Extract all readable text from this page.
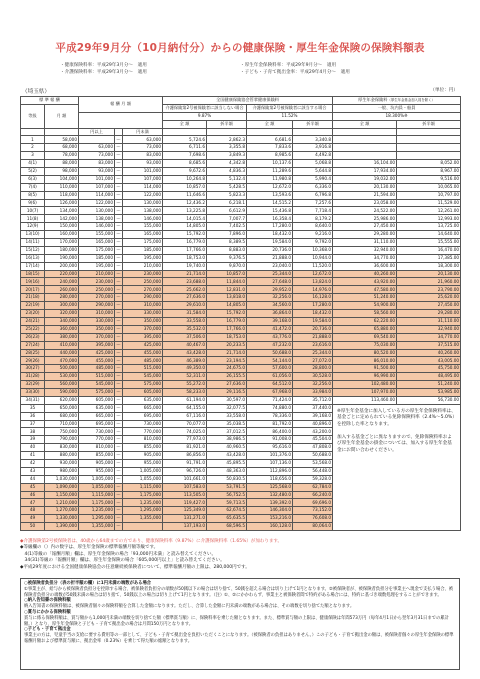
平成29年9月分（10月納付分）からの健康保険・厚生年金保険の保険料額表
・健康保険料率：平成29年3月分～　適用	・厚生年金保険料率：平成29年9月分～　適用
・介護保険料率：平成29年3月分～　適用	・子ども・子育て拠出金率：平成29年4月分～　適用
（埼玉県）	（単位：円）
標 準 報 酬		報 酬 月 額			全国健康保険協会管掌健康保険料				厚生年金保険料（厚生年金基金加入員を除く）	
等級	月 額				介護保険第2号被保険者に該当しない場合		介護保険第2号被保険者に該当する場合		一般、坑内員・船員	
					9.87%		11.52%		18.300%※	
					全 額	折半額	全 額	折半額	全 額	折半額
		円以上		円未満						
1	58,000		～	63,000	5,724.6	2,862.3	6,681.6	3,340.8		
2	68,000	63,000	～	73,000	6,711.6	3,355.8	7,833.6	3,916.8		
3	78,000	73,000	～	83,000	7,698.6	3,849.3	8,985.6	4,492.8		
4(1)	88,000	83,000	～	93,000	8,685.6	4,342.8	10,137.6	5,068.8	16,104.00	8,052.00
5(2)	98,000	93,000	～	101,000	9,672.6	4,836.3	11,289.6	5,644.8	17,934.00	8,967.00
6(3)	104,000	101,000	～	107,000	10,264.8	5,132.4	11,980.8	5,990.4	19,032.00	9,516.00
7(4)	110,000	107,000	～	114,000	10,857.0	5,428.5	12,672.0	6,336.0	20,130.00	10,065.00
8(5)	118,000	114,000	～	122,000	11,646.6	5,823.3	13,593.6	6,796.8	21,594.00	10,797.00
9(6)	126,000	122,000	～	130,000	12,436.2	6,218.1	14,515.2	7,257.6	23,058.00	11,529.00
10(7)	134,000	130,000	～	138,000	13,225.8	6,612.9	15,436.8	7,718.4	24,522.00	12,261.00
11(8)	142,000	138,000	～	146,000	14,015.4	7,007.7	16,358.4	8,179.2	25,986.00	12,993.00
12(9)	150,000	146,000	～	155,000	14,805.0	7,402.5	17,280.0	8,640.0	27,450.00	13,725.00
13(10)	160,000	155,000	～	165,000	15,792.0	7,896.0	18,432.0	9,216.0	29,280.00	14,640.00
14(11)	170,000	165,000	～	175,000	16,779.0	8,389.5	19,584.0	9,792.0	31,110.00	15,555.00
15(12)	180,000	175,000	～	185,000	17,766.0	8,883.0	20,736.0	10,368.0	32,940.00	16,470.00
16(13)	190,000	185,000	～	195,000	18,753.0	9,376.5	21,888.0	10,944.0	34,770.00	17,385.00
17(14)	200,000	195,000	～	210,000	19,740.0	9,870.0	23,040.0	11,520.0	36,600.00	18,300.00
18(15)	220,000	210,000	～	230,000	21,714.0	10,857.0	25,344.0	12,672.0	40,260.00	20,130.00
19(16)	240,000	230,000	～	250,000	23,688.0	11,844.0	27,648.0	13,824.0	43,920.00	21,960.00
20(17)	260,000	250,000	～	270,000	25,662.0	12,831.0	29,952.0	14,976.0	47,580.00	23,790.00
21(18)	280,000	270,000	～	290,000	27,636.0	13,818.0	32,256.0	16,128.0	51,240.00	25,620.00
22(19)	300,000	290,000	～	310,000	29,610.0	14,805.0	34,560.0	17,280.0	54,900.00	27,450.00
23(20)	320,000	310,000	～	330,000	31,584.0	15,792.0	36,864.0	18,432.0	58,560.00	29,280.00
24(21)	340,000	330,000	～	350,000	33,558.0	16,779.0	39,168.0	19,584.0	62,220.00	31,110.00
25(22)	360,000	350,000	～	370,000	35,532.0	17,766.0	41,472.0	20,736.0	65,880.00	32,940.00
26(23)	380,000	370,000	～	395,000	37,506.0	18,753.0	43,776.0	21,888.0	69,540.00	34,770.00
27(24)	410,000	395,000	～	425,000	40,467.0	20,233.5	47,232.0	23,616.0	75,030.00	37,515.00
28(25)	440,000	425,000	～	455,000	43,428.0	21,714.0	50,688.0	25,344.0	80,520.00	40,260.00
29(26)	470,000	455,000	～	485,000	46,389.0	23,194.5	54,144.0	27,072.0	86,010.00	43,005.00
30(27)	500,000	485,000	～	515,000	49,350.0	24,675.0	57,600.0	28,800.0	91,500.00	45,750.00
31(28)	530,000	515,000	～	545,000	52,311.0	26,155.5	61,056.0	30,528.0	96,990.00	48,495.00
32(29)	560,000	545,000	～	575,000	55,272.0	27,636.0	64,512.0	32,256.0	102,480.00	51,240.00
33(30)	590,000	575,000	～	605,000	58,233.0	29,116.5	67,968.0	33,984.0	107,970.00	53,985.00
34(31)	620,000	605,000	～	635,000	61,194.0	30,597.0	71,424.0	35,712.0	113,460.00	56,730.00
35	650,000	635,000	～	665,000	64,155.0	32,077.5	74,880.0	37,440.0	※厚生年金基金に加入している方の厚生年金保険料率は、基金ごとに定められている免除保険料率（2.4%～5.0%）を控除した率となります。
加入する基金ごとに異なりますので、免除保険料率および厚生年金基金の掛金については、加入する厚生年金基金にお問い合わせください。	

36	680,000	665,000	～	695,000	67,116.0	33,558.0	78,336.0	39,168.0		
37	710,000	695,000	～	730,000	70,077.0	35,038.5	81,792.0	40,896.0		
38	750,000	730,000	～	770,000	74,025.0	37,012.5	86,400.0	43,200.0		
39	790,000	770,000	～	810,000	77,973.0	38,986.5	91,008.0	45,504.0		
40	830,000	810,000	～	855,000	81,921.0	40,960.5	95,616.0	47,808.0		
41	880,000	855,000	～	905,000	86,856.0	43,428.0	101,376.0	50,688.0		
42	930,000	905,000	～	955,000	91,791.0	45,895.5	107,136.0	53,568.0		
43	980,000	955,000	～	1,005,000	96,726.0	48,363.0	112,896.0	56,448.0		
44	1,030,000	1,005,000	～	1,055,000	101,661.0	50,830.5	118,656.0	59,328.0		
45	1,090,000	1,055,000	～	1,115,000	107,583.0	53,791.5	125,568.0	62,784.0		
46	1,150,000	1,115,000	～	1,175,000	113,505.0	56,752.5	132,480.0	66,240.0		
47	1,210,000	1,175,000	～	1,235,000	119,427.0	59,713.5	139,392.0	69,696.0		
48	1,270,000	1,235,000	～	1,295,000	125,349.0	62,674.5	146,304.0	73,152.0		
49	1,330,000	1,295,000	～	1,355,000	131,271.0	65,635.5	153,216.0	76,608.0		
50	1,390,000	1,355,000	～		137,193.0	68,596.5	160,128.0	80,064.0		
◆介護保険第2号被保険者は、40歳から64歳までの方であり、健康保険料率（9.87%）に介護保険料率（1.65%）が加わります。
◆等級欄の（）内の数字は、厚生年金保険の標準報酬月額等級です。
　4(1)等級の「報酬月額」欄は、厚生年金保険の場合「93,000円未満」と読み替えてください。
　34(31)等級の「報酬月額」欄は、厚生年金保険の場合「605,000円以上」と読み替えてください。
◆平成29年度における全国健康保険協会の任意継続被保険者について、標準報酬月額の上限は、280,000円です。

○被保険者負担分（表の折半額の欄）に1円未満の端数がある場合

①事業主が、給与から被保険者負担分を控除する場合、被保険者負担分の端数が50銭以下の場合は切り捨て、50銭を超える場合は切り上げて1円となります。②被保険者が、被保険者負担分を事業主へ現金で支払う場合、被保険者負担分の端数が50銭未満の場合は切り捨て、50銭以上の場合は切り上げて1円となります。（注）①、②にかかわらず、事業主と被保険者間で特約がある場合には、特約に基づき端数処理をすることができます。

○納入告知書の保険料額

納入告知書の保険料額は、被保険者個々の保険料額を合算した金額になります。ただし、合算した金額に円未満の端数がある場合は、その端数を切り捨てた額となります。

○賞与にかかる保険料額

賞与に係る保険料額は、賞与額から1,000円未満の端数を切り捨てた額（標準賞与額）に、保険料率を乗じた額となります。また、標準賞与額の上限は、健康保険は年間573万円（毎年4月1日から翌年3月31日までの累計額。）となり、厚生年金保険と子ども・子育て拠出金の場合は月間150万円となります。

○子ども・子育て拠出金

事業主の方は、児童手当の支給に要する費用等の一部として、子ども・子育て拠出金を負担いただくことになります。（被保険者の負担はありません。）この子ども・子育て拠出金の額は、被保険者個々の厚生年金保険の標準報酬月額および標準賞与額に、拠出金率（0.23%）を乗じて得た額の総額となります。
